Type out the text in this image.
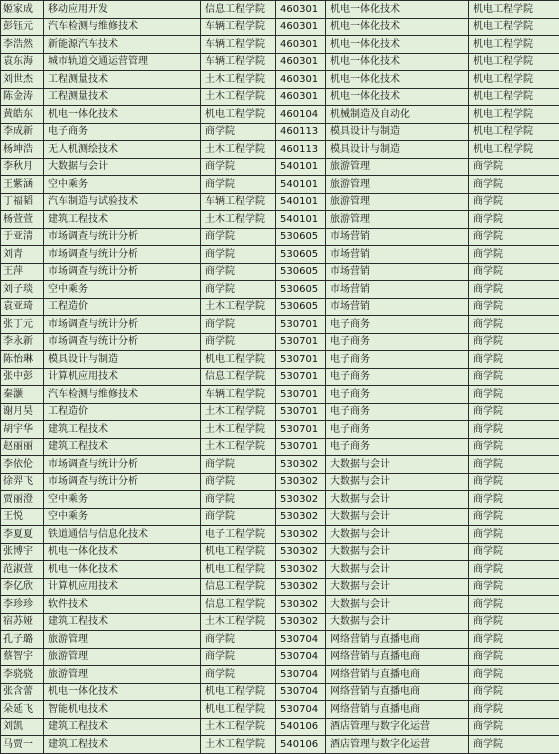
姬家成	移动应用开发	信息工程学院	460301	机电一体化技术	机电工程学院
彭钰元	汽车检测与维修技术	车辆工程学院	460301	机电一体化技术	机电工程学院
李浩然	新能源汽车技术	车辆工程学院	460301	机电一体化技术	机电工程学院
袁东海	城市轨道交通运营管理	车辆工程学院	460301	机电一体化技术	机电工程学院
刘世杰	工程测量技术	土木工程学院	460301	机电一体化技术	机电工程学院
陈金涛	工程测量技术	土木工程学院	460301	机电一体化技术	机电工程学院
黄皓东	机电一体化技术	机电工程学院	460104	机械制造及自动化	机电工程学院
李成新	电子商务	商学院	460113	模具设计与制造	机电工程学院
杨坤浩	无人机测绘技术	土木工程学院	460113	模具设计与制造	机电工程学院
李秋月	大数据与会计	商学院	540101	旅游管理	商学院
王紫涵	空中乘务	商学院	540101	旅游管理	商学院
丁福韬	汽车制造与试验技术	车辆工程学院	540101	旅游管理	商学院
杨萱萱	建筑工程技术	土木工程学院	540101	旅游管理	商学院
于亚清	市场调查与统计分析	商学院	530605	市场营销	商学院
刘青	市场调查与统计分析	商学院	530605	市场营销	商学院
王萍	市场调查与统计分析	商学院	530605	市场营销	商学院
刘子琰	空中乘务	商学院	530605	市场营销	商学院
袁亚琦	工程造价	土木工程学院	530605	市场营销	商学院
张丁元	市场调查与统计分析	商学院	530701	电子商务	商学院
李永新	市场调查与统计分析	商学院	530701	电子商务	商学院
陈怡琳	模具设计与制造	机电工程学院	530701	电子商务	商学院
张中彭	计算机应用技术	信息工程学院	530701	电子商务	商学院
秦灏	汽车检测与维修技术	车辆工程学院	530701	电子商务	商学院
谢月昊	工程造价	土木工程学院	530701	电子商务	商学院
胡宇华	建筑工程技术	土木工程学院	530701	电子商务	商学院
赵丽丽	建筑工程技术	土木工程学院	530701	电子商务	商学院
李依伦	市场调查与统计分析	商学院	530302	大数据与会计	商学院
徐羿飞	市场调查与统计分析	商学院	530302	大数据与会计	商学院
贾丽澄	空中乘务	商学院	530302	大数据与会计	商学院
王悦	空中乘务	商学院	530302	大数据与会计	商学院
李夏夏	铁道通信与信息化技术	电子工程学院	530302	大数据与会计	商学院
张博宇	机电一体化技术	机电工程学院	530302	大数据与会计	商学院
范淑萱	机电一体化技术	机电工程学院	530302	大数据与会计	商学院
李亿欣	计算机应用技术	信息工程学院	530302	大数据与会计	商学院
李珍珍	软件技术	信息工程学院	530302	大数据与会计	商学院
宿苏娅	建筑工程技术	土木工程学院	530302	大数据与会计	商学院
孔子璐	旅游管理	商学院	530704	网络营销与直播电商	商学院
蔡智宇	旅游管理	商学院	530704	网络营销与直播电商	商学院
李骁骁	旅游管理	商学院	530704	网络营销与直播电商	商学院
张含蕾	机电一体化技术	机电工程学院	530704	网络营销与直播电商	商学院
朵延飞	智能机电技术	机电工程学院	530704	网络营销与直播电商	商学院
刘凯	建筑工程技术	土木工程学院	540106	酒店管理与数字化运营	商学院
马贾一	建筑工程技术	土木工程学院	540106	酒店管理与数字化运营	商学院
